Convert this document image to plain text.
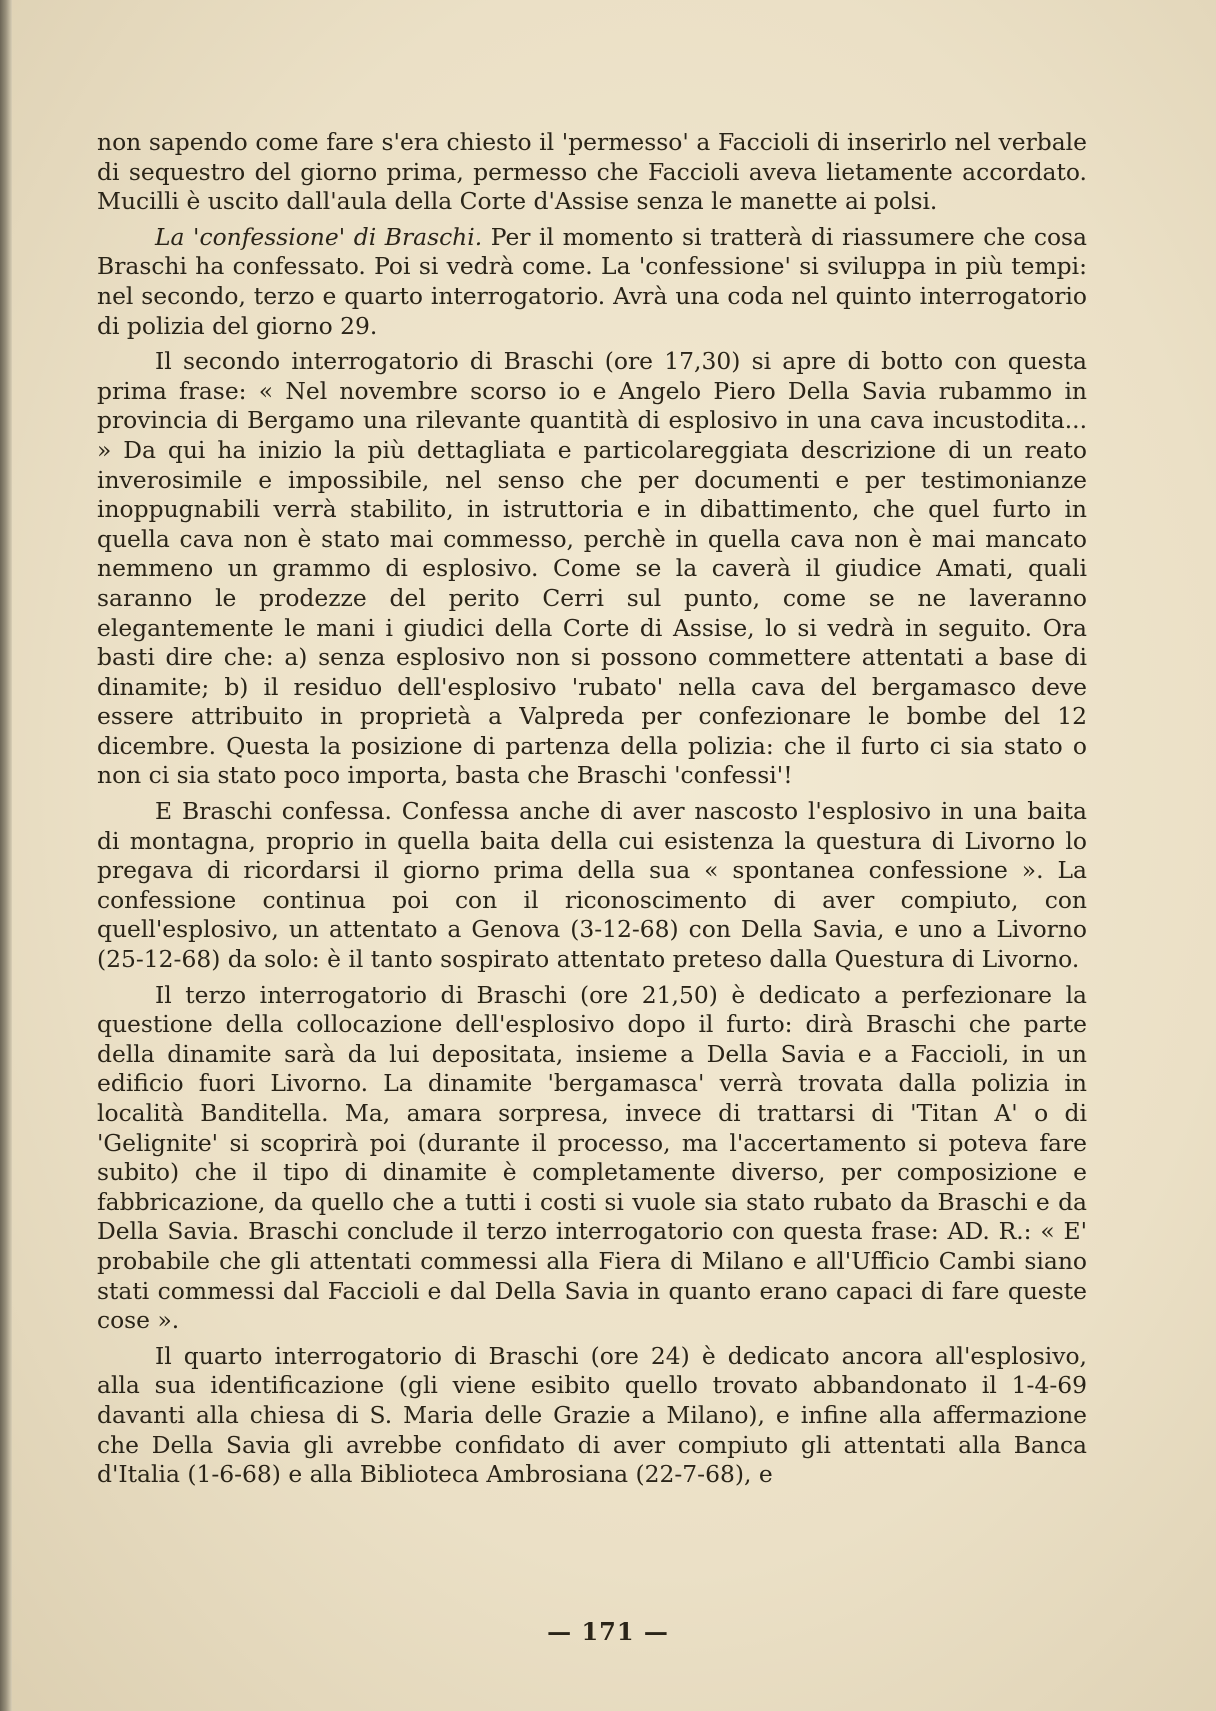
non sapendo come fare s'era chiesto il 'permesso' a Faccioli di inserirlo nel verbale di sequestro del giorno prima, permesso che Faccioli aveva lietamente accordato. Mucilli è uscito dall'aula della Corte d'Assise senza le manette ai polsi.

La 'confessione' di Braschi. Per il momento si tratterà di riassumere che cosa Braschi ha confessato. Poi si vedrà come. La 'confessione' si sviluppa in più tempi: nel secondo, terzo e quarto interrogatorio. Avrà una coda nel quinto interrogatorio di polizia del giorno 29.

Il secondo interrogatorio di Braschi (ore 17,30) si apre di botto con questa prima frase: « Nel novembre scorso io e Angelo Piero Della Savia rubammo in provincia di Bergamo una rilevante quantità di esplosivo in una cava incustodita... » Da qui ha inizio la più dettagliata e particolareggiata descrizione di un reato inverosimile e impossibile, nel senso che per documenti e per testimonianze inoppugnabili verrà stabilito, in istruttoria e in dibattimento, che quel furto in quella cava non è stato mai commesso, perchè in quella cava non è mai mancato nemmeno un grammo di esplosivo. Come se la caverà il giudice Amati, quali saranno le prodezze del perito Cerri sul punto, come se ne laveranno elegantemente le mani i giudici della Corte di Assise, lo si vedrà in seguito. Ora basti dire che: a) senza esplosivo non si possono commettere attentati a base di dinamite; b) il residuo dell'esplosivo 'rubato' nella cava del bergamasco deve essere attribuito in proprietà a Valpreda per confezionare le bombe del 12 dicembre. Questa la posizione di partenza della polizia: che il furto ci sia stato o non ci sia stato poco importa, basta che Braschi 'confessi'!

E Braschi confessa. Confessa anche di aver nascosto l'esplosivo in una baita di montagna, proprio in quella baita della cui esistenza la questura di Livorno lo pregava di ricordarsi il giorno prima della sua « spontanea confessione ». La confessione continua poi con il riconoscimento di aver compiuto, con quell'esplosivo, un attentato a Genova (3-12-68) con Della Savia, e uno a Livorno (25-12-68) da solo: è il tanto sospirato attentato preteso dalla Questura di Livorno.

Il terzo interrogatorio di Braschi (ore 21,50) è dedicato a perfezionare la questione della collocazione dell'esplosivo dopo il furto: dirà Braschi che parte della dinamite sarà da lui depositata, insieme a Della Savia e a Faccioli, in un edificio fuori Livorno. La dinamite 'bergamasca' verrà trovata dalla polizia in località Banditella. Ma, amara sorpresa, invece di trattarsi di 'Titan A' o di 'Gelignite' si scoprirà poi (durante il processo, ma l'accertamento si poteva fare subito) che il tipo di dinamite è completamente diverso, per composizione e fabbricazione, da quello che a tutti i costi si vuole sia stato rubato da Braschi e da Della Savia. Braschi conclude il terzo interrogatorio con questa frase: AD. R.: « E' probabile che gli attentati commessi alla Fiera di Milano e all'Ufficio Cambi siano stati commessi dal Faccioli e dal Della Savia in quanto erano capaci di fare queste cose ».

Il quarto interrogatorio di Braschi (ore 24) è dedicato ancora all'esplosivo, alla sua identificazione (gli viene esibito quello trovato abbandonato il 1-4-69 davanti alla chiesa di S. Maria delle Grazie a Milano), e infine alla affermazione che Della Savia gli avrebbe confidato di aver compiuto gli attentati alla Banca d'Italia (1-6-68) e alla Biblioteca Ambrosiana (22-7-68), e

— 171 —
